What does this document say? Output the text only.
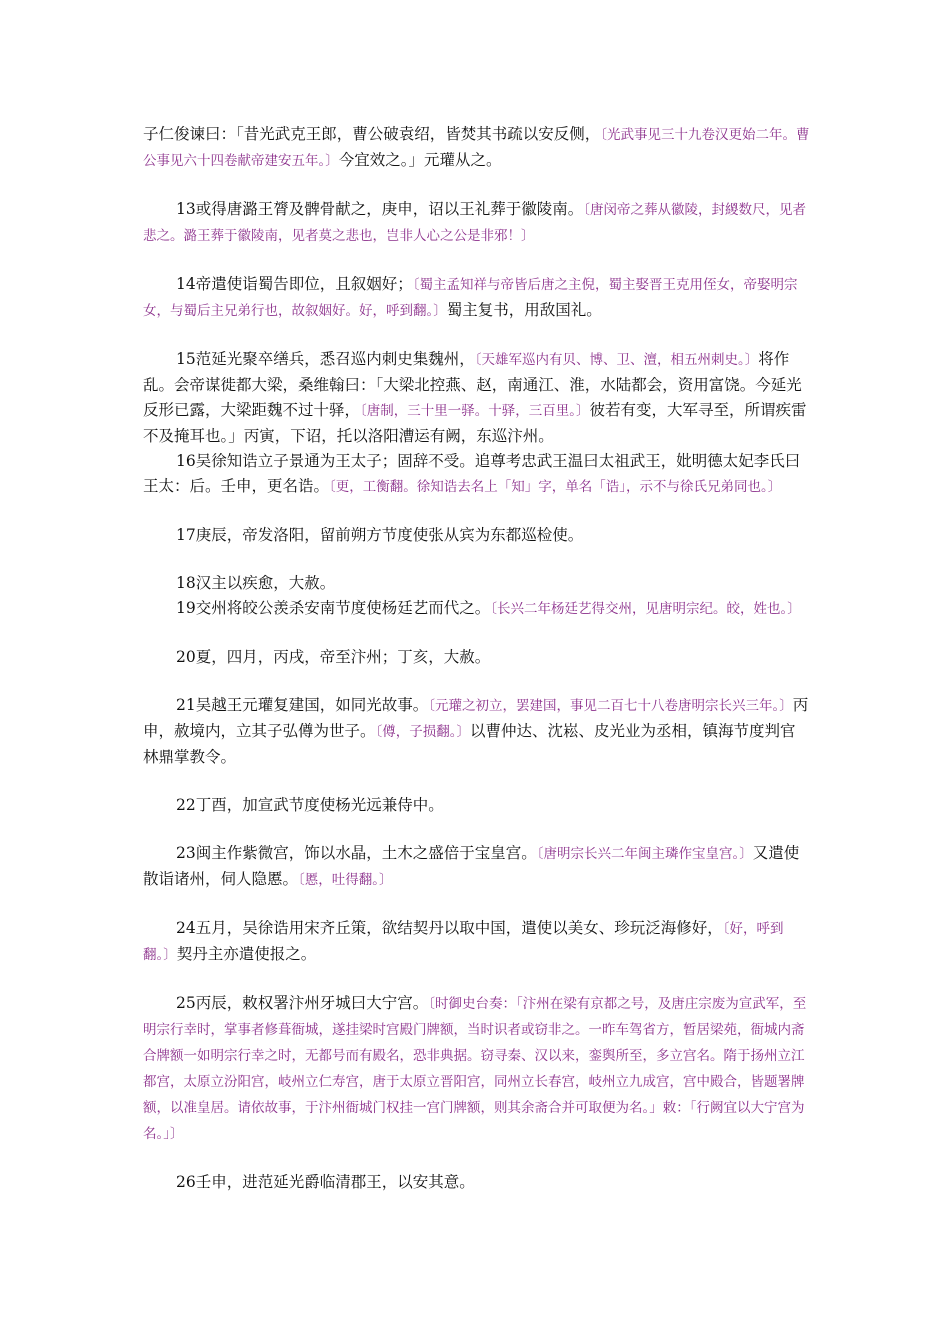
子仁俊谏曰：「昔光武克王郎，曹公破袁绍，皆焚其书疏以安反侧，〔光武事见三十九卷汉更始二年。曹公事见六十四卷献帝建安五年。〕今宜效之。」元瓘从之。

13或得唐潞王膂及髀骨献之，庚申，诏以王礼葬于徽陵南。〔唐闵帝之葬从徽陵，封緵数尺，见者悲之。潞王葬于徽陵南，见者莫之悲也，岂非人心之公是非邪！〕

14帝遣使诣蜀告即位，且叙姻好；〔蜀主孟知祥与帝皆后唐之主倪，蜀主娶晋王克用侄女，帝娶明宗女，与蜀后主兄弟行也，故叙姻好。好，呼到翻。〕蜀主复书，用敌国礼。

15范延光聚卒缮兵，悉召巡内刺史集魏州，〔天雄军巡内有贝、博、卫、澶，相五州刺史。〕将作乱。会帝谋徙都大梁，桑维翰曰：「大梁北控燕、赵，南通江、淮，水陆都会，资用富饶。今延光反形已露，大梁距魏不过十驿，〔唐制，三十里一驿。十驿，三百里。〕彼若有变，大军寻至，所谓疾雷不及掩耳也。」丙寅，下诏，托以洛阳漕运有阙，东巡汴州。

16吴徐知诰立子景通为王太子；固辞不受。追尊考忠武王温曰太祖武王，妣明德太妃李氏曰王太：后。壬申，更名诰。〔更，工衡翻。徐知诰去名上「知」字，单名「诰」，示不与徐氏兄弟同也。〕

17庚辰，帝发洛阳，留前朔方节度使张从宾为东都巡检使。

18汉主以疾愈，大赦。

19交州将皎公羡杀安南节度使杨廷艺而代之。〔长兴二年杨廷艺得交州，见唐明宗纪。皎，姓也。〕

20夏，四月，丙戌，帝至汴州；丁亥，大赦。

21吴越王元瓘复建国，如同光故事。〔元瓘之初立，罢建国，事见二百七十八卷唐明宗长兴三年。〕丙申，赦境内，立其子弘僔为世子。〔僔，子损翻。〕以曹仲达、沈崧、皮光业为丞相，镇海节度判官林鼎掌教令。

22丁酉，加宣武节度使杨光远兼侍中。

23闽主作紫微宫，饰以水晶，土木之盛倍于宝皇宫。〔唐明宗长兴二年闽主璘作宝皇宫。〕又遣使散诣诸州，伺人隐慝。〔慝，吐得翻。〕

24五月，吴徐诰用宋齐丘策，欲结契丹以取中国，遣使以美女、珍玩泛海修好，〔好，呼到翻。〕契丹主亦遣使报之。

25丙辰，敕权署汴州牙城曰大宁宫。〔时御史台奏：「汴州在梁有京都之号，及唐庄宗废为宣武军，至明宗行幸时，掌事者修葺衙城，遂挂梁时宫殿门牌额，当时识者或窃非之。一昨车驾省方，暂居梁苑，衙城内斋合牌额一如明宗行幸之时，无都号而有殿名，恐非典据。窃寻秦、汉以来，銮舆所至，多立宫名。隋于扬州立江都宫，太原立汾阳宫，岐州立仁寿宫，唐于太原立晋阳宫，同州立长春宫，岐州立九成宫，宫中殿合，皆题署牌额，以准皇居。请依故事，于汴州衙城门权挂一宫门牌额，则其余斋合并可取便为名。」敕：「行阙宜以大宁宫为名。」〕

26壬申，进范延光爵临清郡王，以安其意。
